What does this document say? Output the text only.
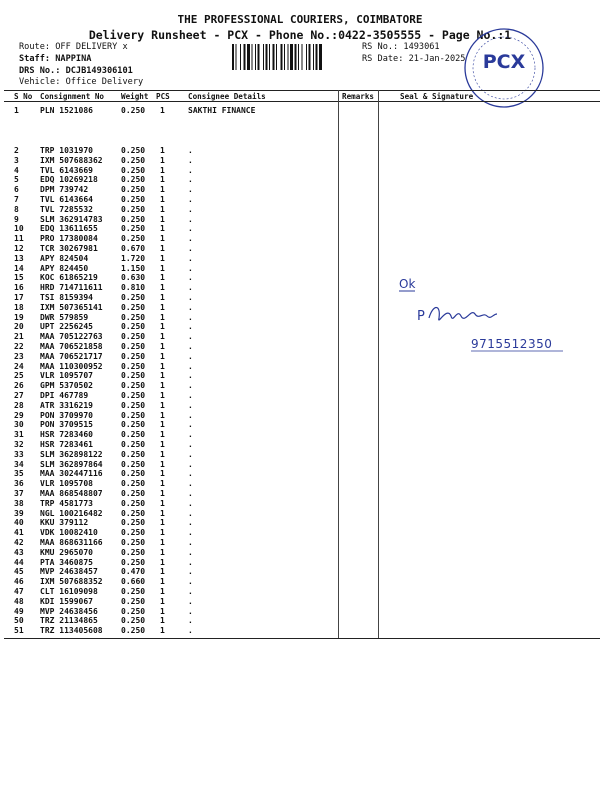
THE PROFESSIONAL COURIERS, COIMBATORE
Delivery Runsheet - PCX - Phone No.:0422-3505555 - Page No.:1
Route: OFF DELIVERY x
Staff: NAPPINA
DRS No.: DCJB149306101
Vehicle: Office Delivery
RS No.: 1493061
RS Date: 21-Jan-2025 PCX
S No Consignment No Weight PCS Consignee Details	Remarks	Seal & Signature
1	PLN 1521086	0.250 1	SAKTHI FINANCE
2	TRP 1031970	0.250 1	.
3	IXM 507688362 0.250 1	.
4	TVL 6143669	0.250 1	.
5	EDQ 10269218	0.250 1	.
6	DPM 739742	0.250 1	.
7	TVL 6143664	0.250 1	.
8	TVL 7285532	0.250 1	.
9	SLM 362914783 0.250 1	.
10 EDQ 13611655	0.250 1	.
11 PRO 17380084	0.250 1	.
12 TCR 30267981	0.670 1	.
13 APY 824504	1.720 1	.
14 APY 824450	1.150 1	.
15 KOC 61865219	0.630 1	.
16 HRD 714711611 0.810 1	.
17 TSI 8159394	0.250 1	.
18 IXM 507365141 0.250 1	.
19 DWR 579859	0.250 1	.
20 UPT 2256245	0.250 1	.
21 MAA 705122763 0.250 1	.
22 MAA 706521858 0.250 1	.
23 MAA 706521717 0.250 1	.
24 MAA 110300952 0.250 1	.
25 VLR 1095707	0.250 1	.
26 GPM 5370502	0.250 1	.
27 DPI 467789	0.250 1	.
28 ATR 3316219	0.250 1	.
29 PON 3709970	0.250 1	.
30 PON 3709515	0.250 1	.
31 HSR 7283460	0.250 1	.
32 HSR 7283461	0.250 1	.
33 SLM 362898122 0.250 1	.
34 SLM 362897864 0.250 1	.
35 MAA 302447116 0.250 1	.
36 VLR 1095708	0.250 1	.
37 MAA 868548807 0.250 1	.
38 TRP 4581773	0.250 1	.
39 NGL 100216482 0.250 1	.
40 KKU 379112	0.250 1	.
41 VDK 10082410	0.250 1	.
42 MAA 868631166 0.250 1	.
43 KMU 2965070	0.250 1	.
44 PTA 3460875	0.250 1	.
45 MVP 24638457	0.470 1	.
46 IXM 507688352 0.660 1	.
47 CLT 16109098	0.250 1	.
48 KDI 1599067	0.250 1	.
49 MVP 24638456	0.250 1	.
50 TRZ 21134865	0.250 1	.
51 TRZ 113405608 0.250 1	.
Ok
P
9715512350
